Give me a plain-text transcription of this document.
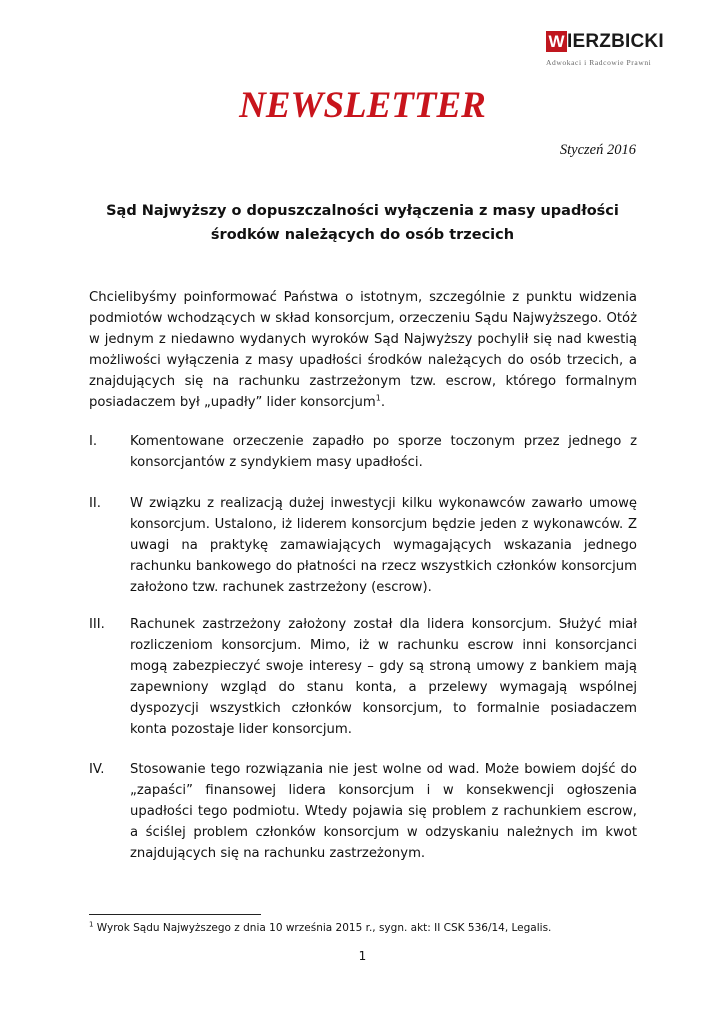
W IERZBICKI
Adwokaci i Radcowie Prawni
NEWSLETTER
Styczeń 2016
Sąd Najwyższy o dopuszczalności wyłączenia z masy upadłości
środków należących do osób trzecich
Chcielibyśmy poinformować Państwa o istotnym, szczególnie z punktu widzenia podmiotów wchodzących w skład konsorcjum, orzeczeniu Sądu Najwyższego. Otóż w jednym z niedawno wydanych wyroków Sąd Najwyższy pochylił się nad kwestią możliwości wyłączenia z masy upadłości środków należących do osób trzecich, a znajdujących się na rachunku zastrzeżonym tzw. escrow, którego formalnym posiadaczem był „upadły” lider konsorcjum$^1$.
I. Komentowane orzeczenie zapadło po sporze toczonym przez jednego z konsorcjantów z syndykiem masy upadłości.
II. W związku z realizacją dużej inwestycji kilku wykonawców zawarło umowę konsorcjum. Ustalono, iż liderem konsorcjum będzie jeden z wykonawców. Z uwagi na praktykę zamawiających wymagających wskazania jednego rachunku bankowego do płatności na rzecz wszystkich członków konsorcjum założono tzw. rachunek zastrzeżony (escrow).
III. Rachunek zastrzeżony założony został dla lidera konsorcjum. Służyć miał rozliczeniom konsorcjum. Mimo, iż w rachunku escrow inni konsorcjanci mogą zabezpieczyć swoje interesy – gdy są stroną umowy z bankiem mają zapewniony wzgląd do stanu konta, a przelewy wymagają wspólnej dyspozycji wszystkich członków konsorcjum, to formalnie posiadaczem konta pozostaje lider konsorcjum.
IV. Stosowanie tego rozwiązania nie jest wolne od wad. Może bowiem dojść do „zapaści” finansowej lidera konsorcjum i w konsekwencji ogłoszenia upadłości tego podmiotu. Wtedy pojawia się problem z rachunkiem escrow, a ściślej problem członków konsorcjum w odzyskaniu należnych im kwot znajdujących się na rachunku zastrzeżonym.
$^1$ Wyrok Sądu Najwyższego z dnia 10 września 2015 r., sygn. akt: II CSK 536/14, Legalis.
1
